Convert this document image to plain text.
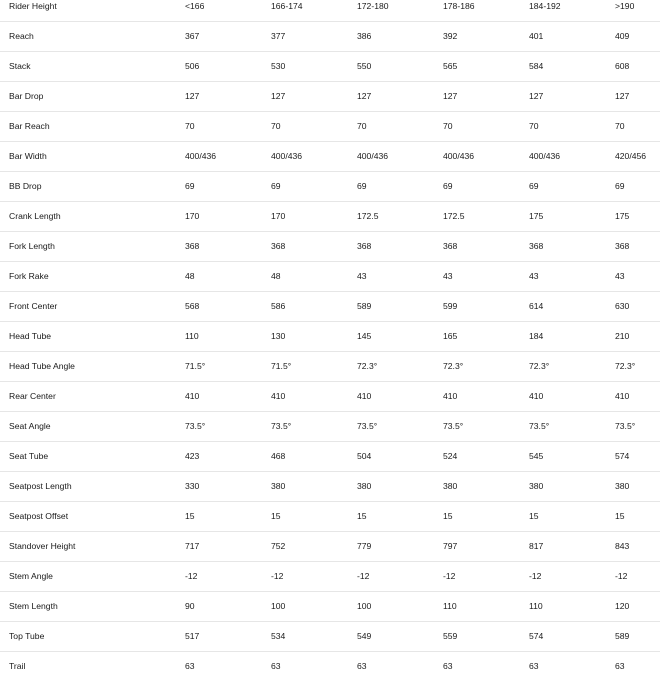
Rider Height	<166	166-174	172-180	178-186	184-192	>190
Reach	367	377	386	392	401	409
Stack	506	530	550	565	584	608
Bar Drop	127	127	127	127	127	127
Bar Reach	70	70	70	70	70	70
Bar Width	400/436	400/436	400/436	400/436	400/436	420/456
BB Drop	69	69	69	69	69	69
Crank Length	170	170	172.5	172.5	175	175
Fork Length	368	368	368	368	368	368
Fork Rake	48	48	43	43	43	43
Front Center	568	586	589	599	614	630
Head Tube	110	130	145	165	184	210
Head Tube Angle	71.5°	71.5°	72.3°	72.3°	72.3°	72.3°
Rear Center	410	410	410	410	410	410
Seat Angle	73.5°	73.5°	73.5°	73.5°	73.5°	73.5°
Seat Tube	423	468	504	524	545	574
Seatpost Length	330	380	380	380	380	380
Seatpost Offset	15	15	15	15	15	15
Standover Height	717	752	779	797	817	843
Stem Angle	-12	-12	-12	-12	-12	-12
Stem Length	90	100	100	110	110	120
Top Tube	517	534	549	559	574	589
Trail	63	63	63	63	63	63
